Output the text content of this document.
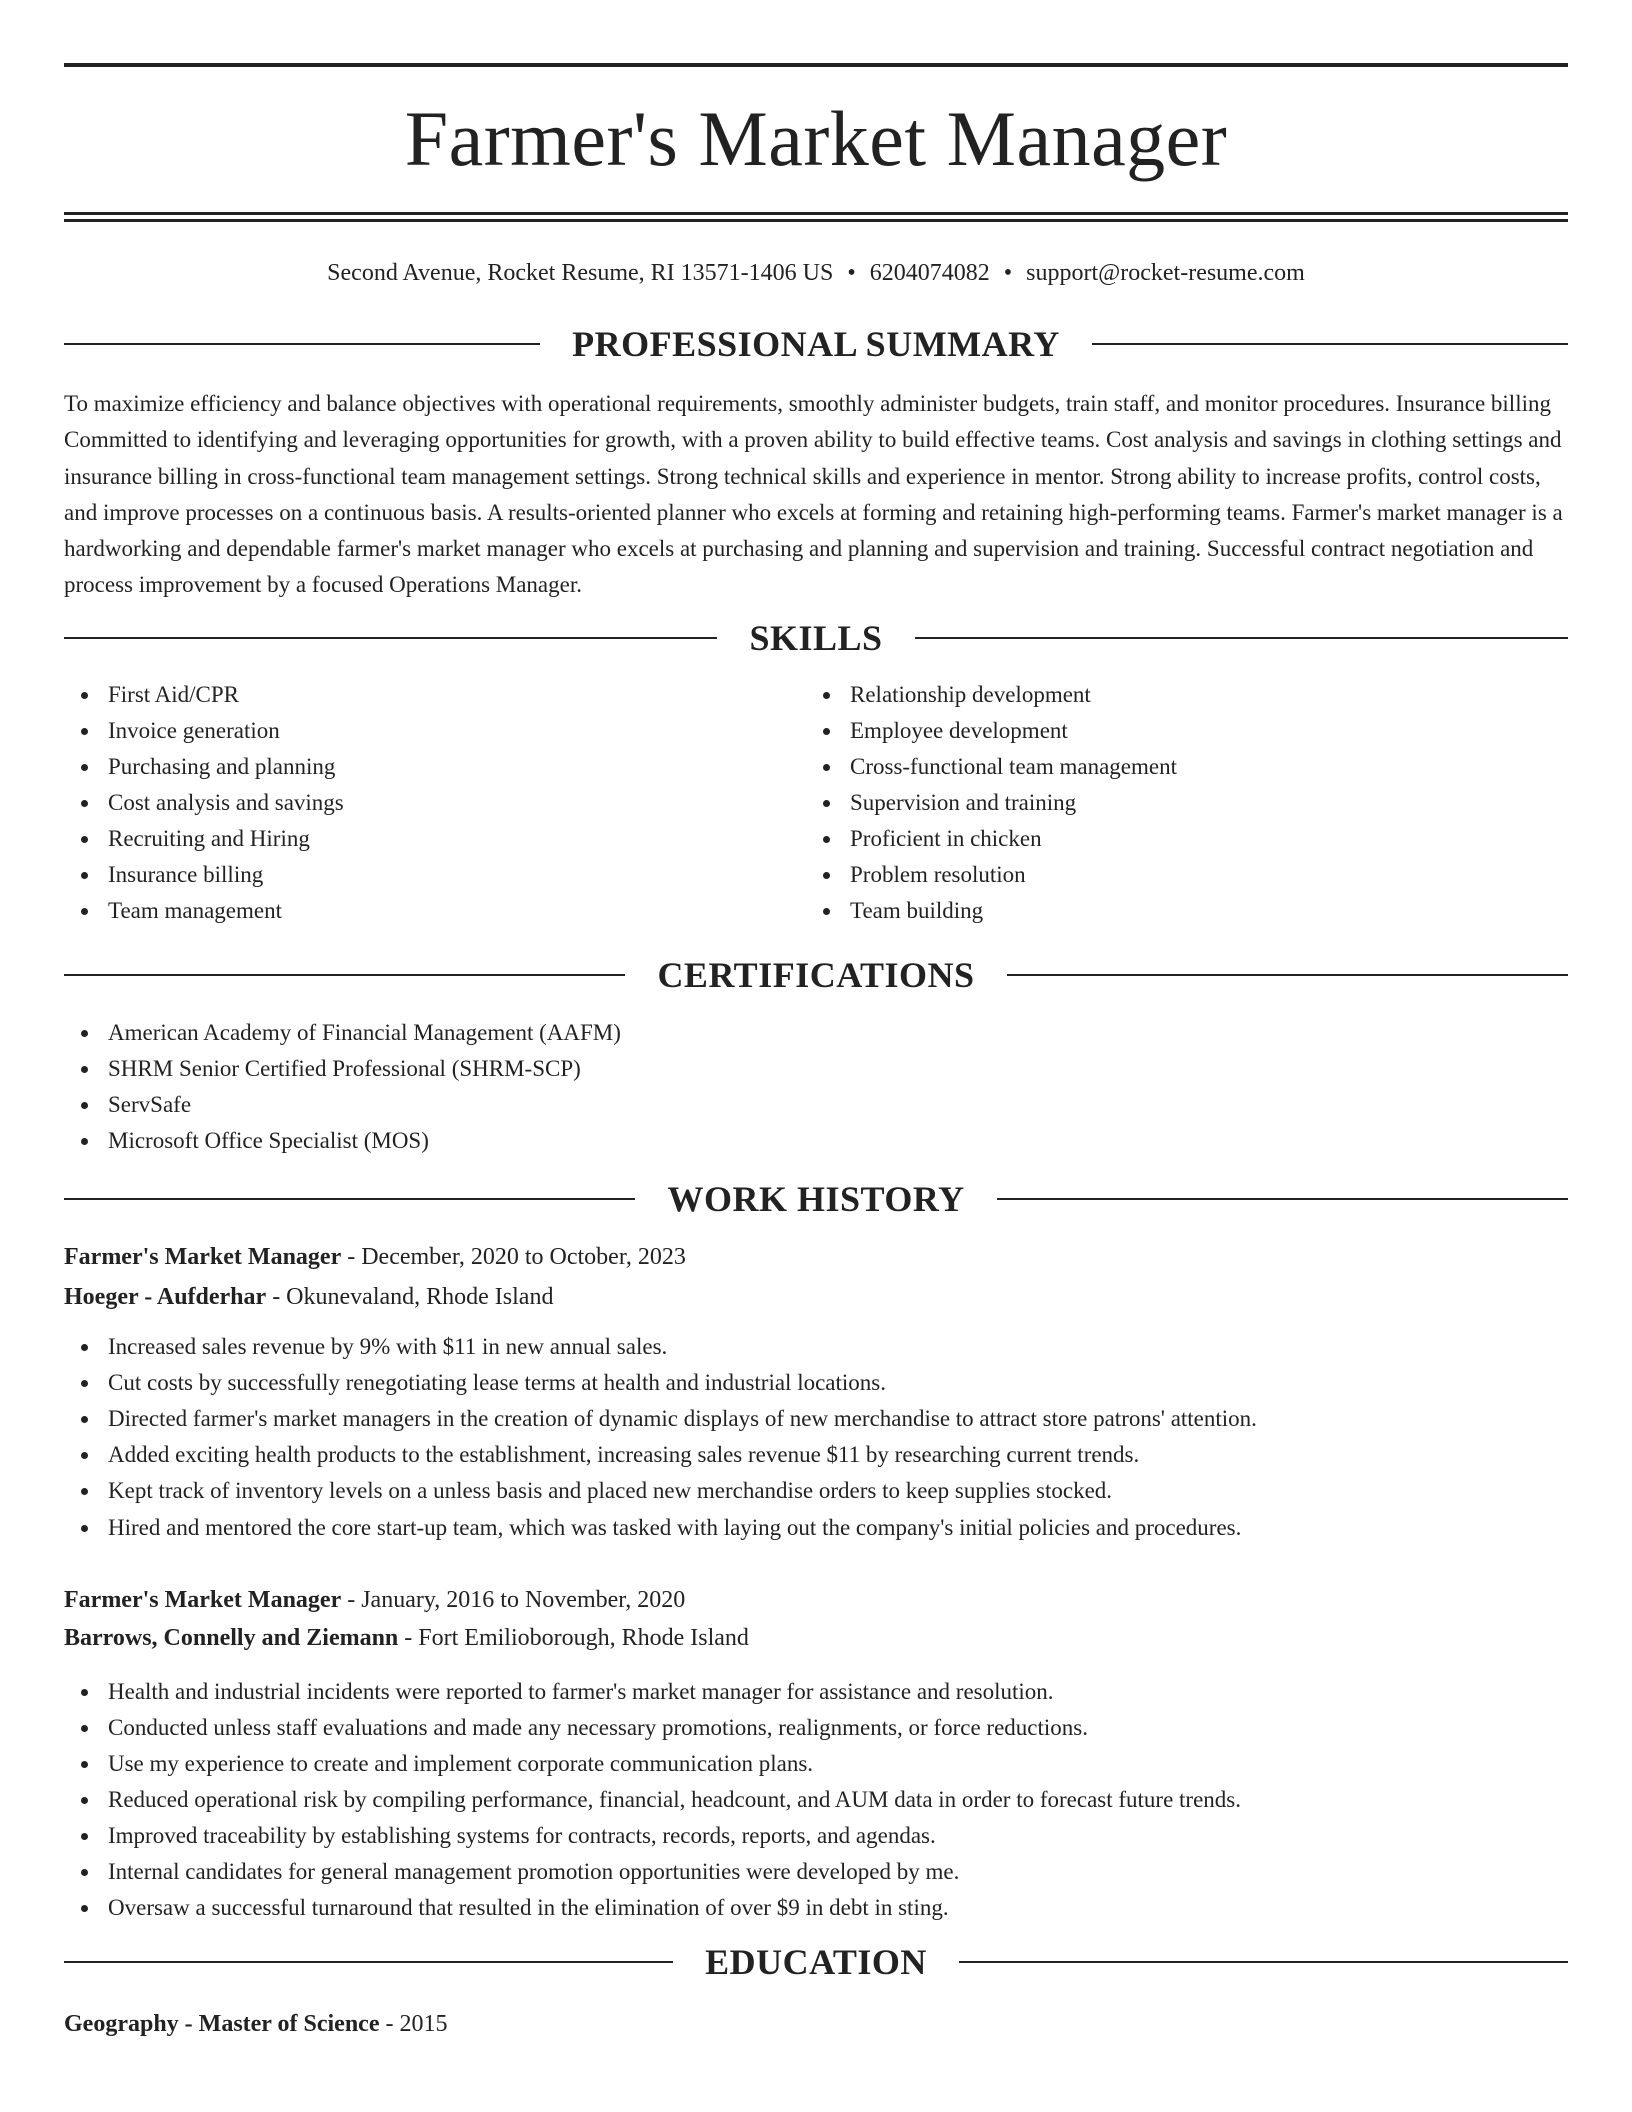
Farmer's Market Manager
Second Avenue, Rocket Resume, RI 13571-1406 US • 6204074082 • support@rocket-resume.com
PROFESSIONAL SUMMARY

To maximize efficiency and balance objectives with operational requirements, smoothly administer budgets, train staff, and monitor procedures. Insurance billing Committed to identifying and leveraging opportunities for growth, with a proven ability to build effective teams. Cost analysis and savings in clothing settings and insurance billing in cross-functional team management settings. Strong technical skills and experience in mentor. Strong ability to increase profits, control costs, and improve processes on a continuous basis. A results-oriented planner who excels at forming and retaining high-performing teams. Farmer's market manager is a hardworking and dependable farmer's market manager who excels at purchasing and planning and supervision and training. Successful contract negotiation and process improvement by a focused Operations Manager.

SKILLS
First Aid/CPR
Invoice generation
Purchasing and planning
Cost analysis and savings
Recruiting and Hiring
Insurance billing
Team management
Relationship development
Employee development
Cross-functional team management
Supervision and training
Proficient in chicken
Problem resolution
Team building
CERTIFICATIONS
American Academy of Financial Management (AAFM)
SHRM Senior Certified Professional (SHRM-SCP)
ServSafe
Microsoft Office Specialist (MOS)
WORK HISTORY
Farmer's Market Manager - December, 2020 to October, 2023
Hoeger - Aufderhar - Okunevaland, Rhode Island
Increased sales revenue by 9% with $11 in new annual sales.
Cut costs by successfully renegotiating lease terms at health and industrial locations.
Directed farmer's market managers in the creation of dynamic displays of new merchandise to attract store patrons' attention.
Added exciting health products to the establishment, increasing sales revenue $11 by researching current trends.
Kept track of inventory levels on a unless basis and placed new merchandise orders to keep supplies stocked.
Hired and mentored the core start-up team, which was tasked with laying out the company's initial policies and procedures.
Farmer's Market Manager - January, 2016 to November, 2020
Barrows, Connelly and Ziemann - Fort Emilioborough, Rhode Island
Health and industrial incidents were reported to farmer's market manager for assistance and resolution.
Conducted unless staff evaluations and made any necessary promotions, realignments, or force reductions.
Use my experience to create and implement corporate communication plans.
Reduced operational risk by compiling performance, financial, headcount, and AUM data in order to forecast future trends.
Improved traceability by establishing systems for contracts, records, reports, and agendas.
Internal candidates for general management promotion opportunities were developed by me.
Oversaw a successful turnaround that resulted in the elimination of over $9 in debt in sting.
EDUCATION
Geography - Master of Science - 2015
